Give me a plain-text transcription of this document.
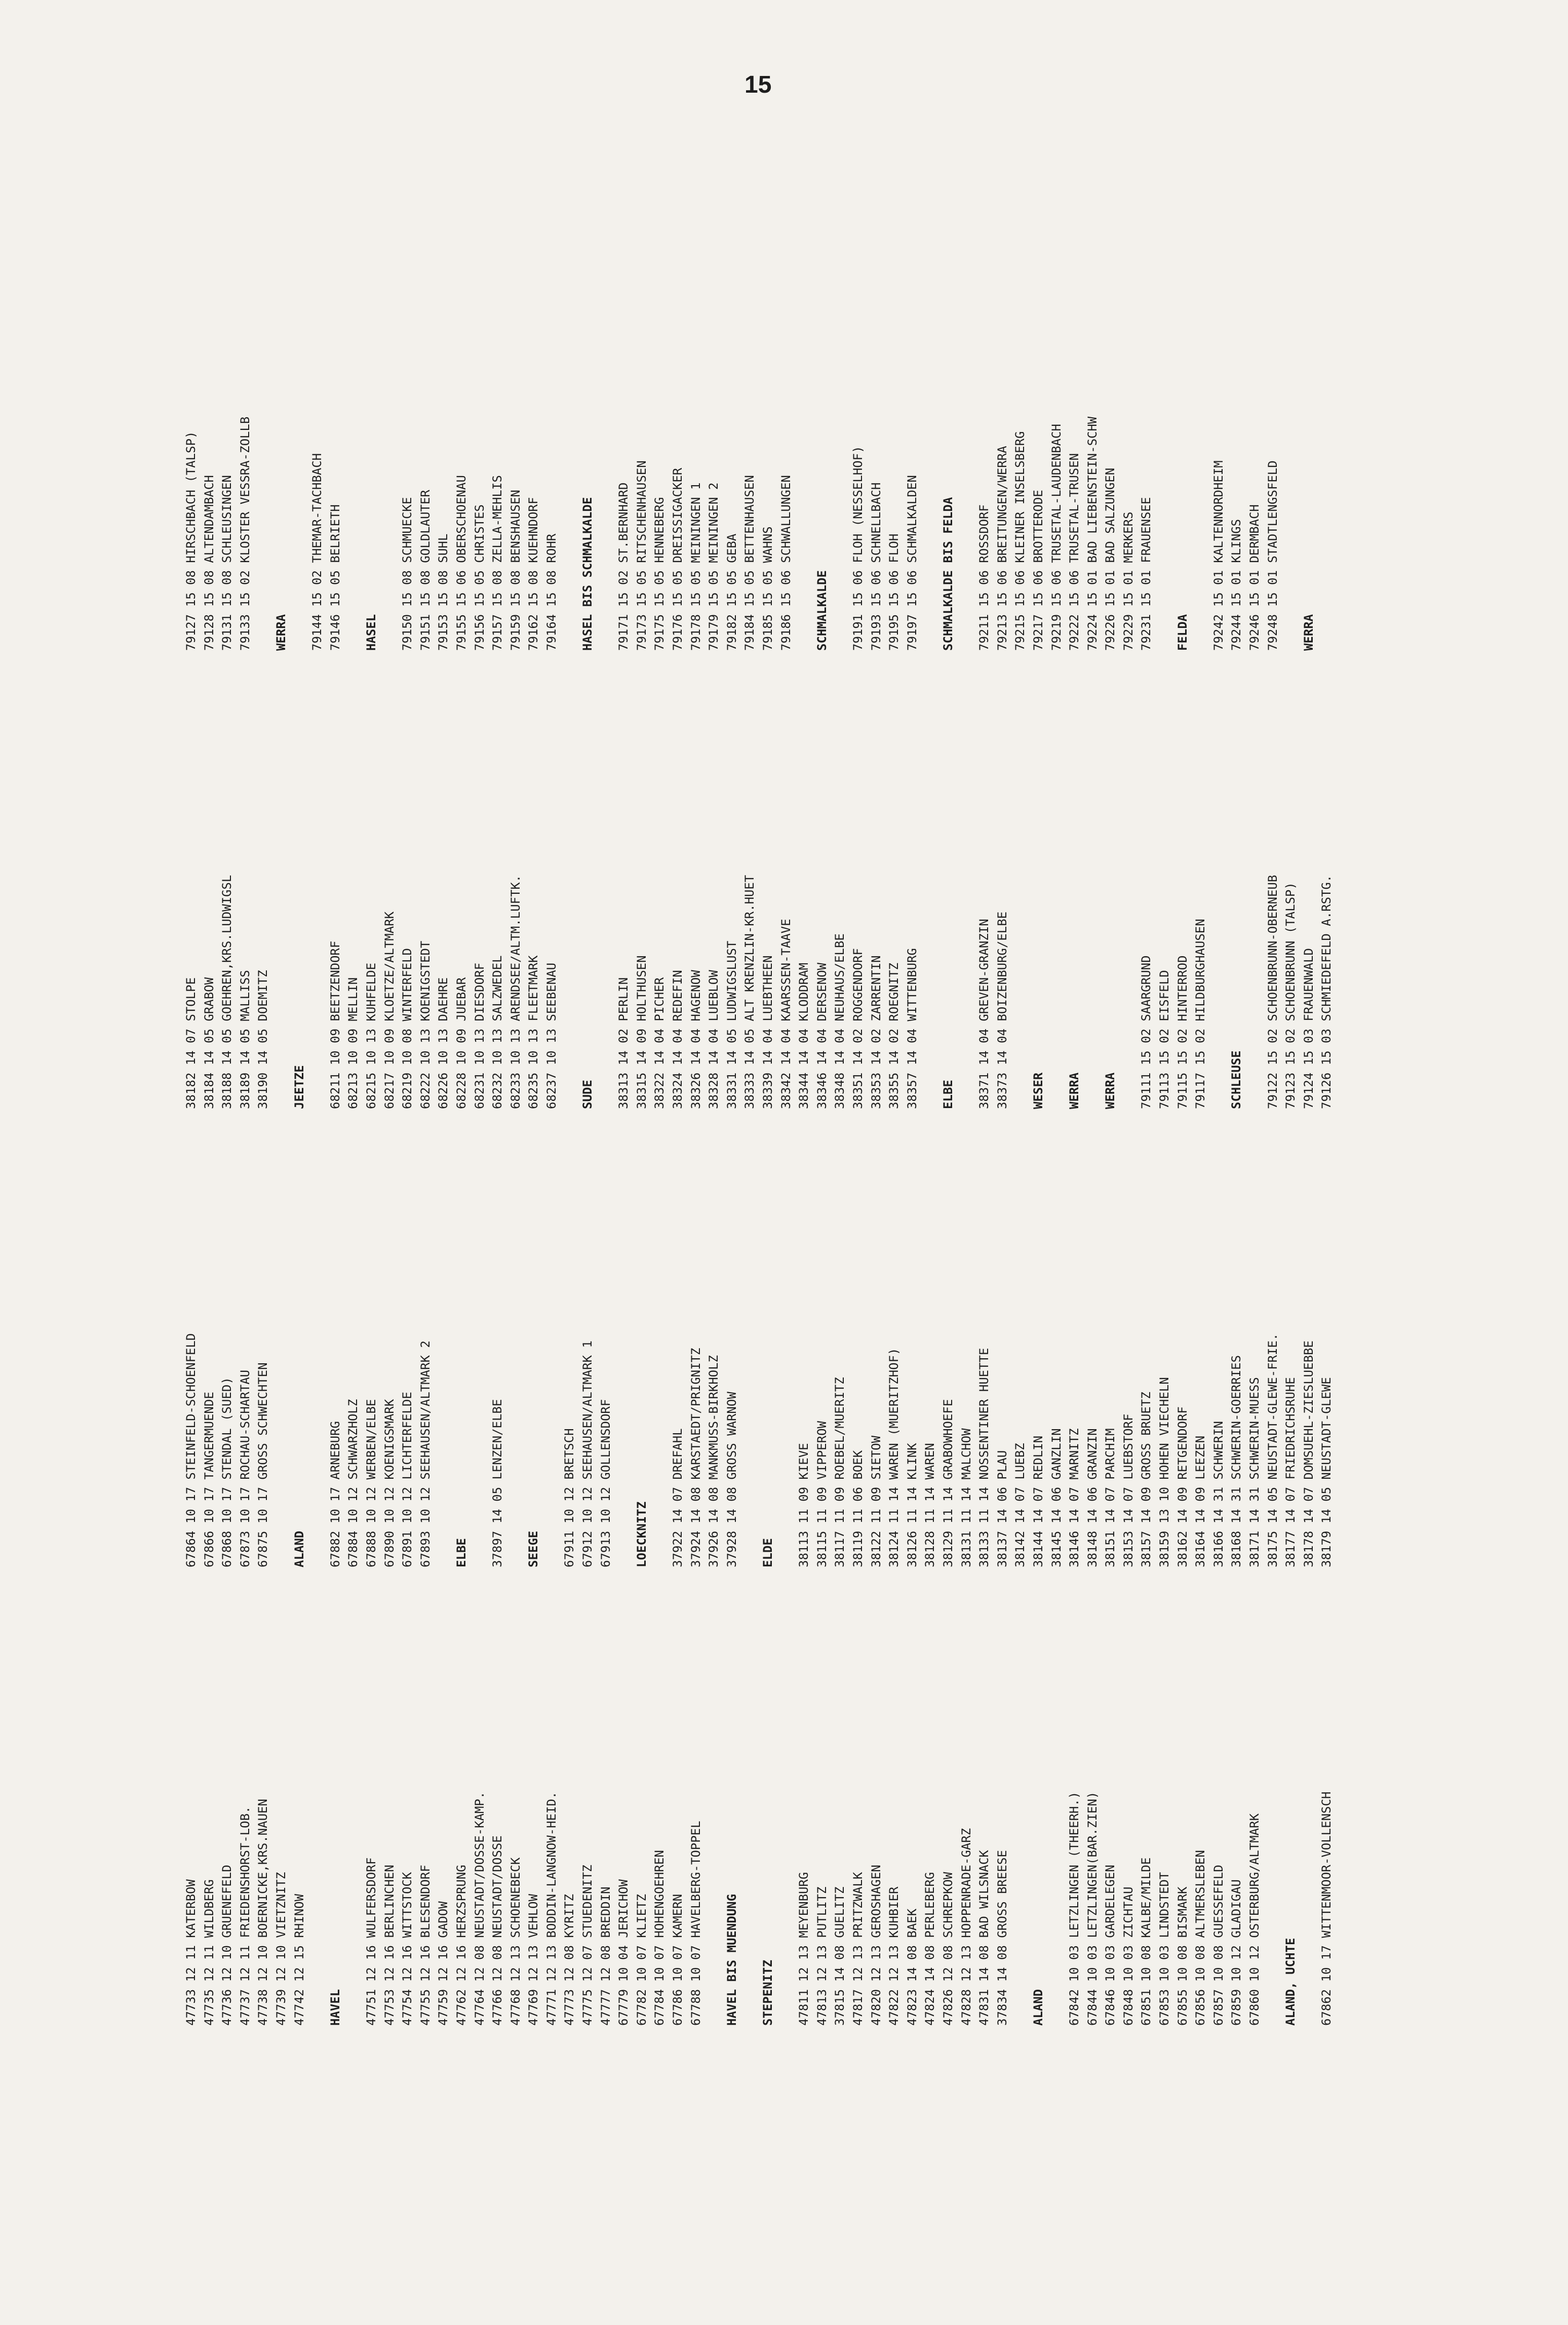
15
47733 12 11 KATERBOW 47735 12 11 WILDBERG 47736 12 10 GRUENEFELD 47737 12 11 FRIEDENSHORST-LOB. 47738 12 10 BOERNICKE,KRS.NAUEN 47739 12 10 VIETZNITZ 47742 12 15 RHINOW HAVEL 47751 12 16 WULFERSDORF 47753 12 16 BERLINCHEN 47754 12 16 WITTSTOCK 47755 12 16 BLESENDORF 47759 12 16 GADOW 47762 12 16 HERZSPRUNG 47764 12 08 NEUSTADT/DOSSE-KAMP. 47766 12 08 NEUSTADT/DOSSE 47768 12 13 SCHOENEBECK 47769 12 13 VEHLOW 47771 12 13 BODDIN-LANGNOW-HEID. 47773 12 08 KYRITZ 47775 12 07 STUEDENITZ 47777 12 08 BREDDIN 67779 10 04 JERICHOW 67782 10 07 KLIETZ 67784 10 07 HOHENGOEHREN 67786 10 07 KAMERN 67788 10 07 HAVELBERG-TOPPEL HAVEL BIS MUENDUNG STEPENITZ 47811 12 13 MEYENBURG 47813 12 13 PUTLITZ 37815 14 08 GUELITZ 47817 12 13 PRITZWALK 47820 12 13 GEROSHAGEN 47822 12 13 KUHBIER 47823 14 08 BAEK 47824 14 08 PERLEBERG 47826 12 08 SCHREPKOW 47828 12 13 HOPPENRADE-GARZ 47831 14 08 BAD WILSNACK 37834 14 08 GROSS BREESE ALAND 67842 10 03 LETZLINGEN (THEERH.) 67844 10 03 LETZLINGEN(BAR.ZIEN) 67846 10 03 GARDELEGEN 67848 10 03 ZICHTAU 67851 10 08 KALBE/MILDE 67853 10 03 LINDSTEDT 67855 10 08 BISMARK 67856 10 08 ALTMERSLEBEN 67857 10 08 GUESSEFELD 67859 10 12 GLADIGAU 67860 10 12 OSTERBURG/ALTMARK ALAND, UCHTE 67862 10 17 WITTENMOOR-VOLLENSCH
67864 10 17 STEINFELD-SCHOENFELD 67866 10 17 TANGERMUENDE 67868 10 17 STENDAL (SUED) 67873 10 17 ROCHAU-SCHARTAU 67875 10 17 GROSS SCHWECHTEN ALAND 67882 10 17 ARNEBURG 67884 10 12 SCHWARZHOLZ 67888 10 12 WERBEN/ELBE 67890 10 12 KOENIGSMARK 67891 10 12 LICHTERFELDE 67893 10 12 SEEHAUSEN/ALTMARK 2 ELBE 37897 14 05 LENZEN/ELBE SEEGE 67911 10 12 BRETSCH 67912 10 12 SEEHAUSEN/ALTMARK 1 67913 10 12 GOLLENSDORF LOECKNITZ 37922 14 07 DREFAHL 37924 14 08 KARSTAEDT/PRIGNITZ 37926 14 08 MANKMUSS-BIRKHOLZ 37928 14 08 GROSS WARNOW ELDE 38113 11 09 KIEVE 38115 11 09 VIPPEROW 38117 11 09 ROEBEL/MUERITZ 38119 11 06 BOEK 38122 11 09 SIETOW 38124 11 14 WAREN (MUERITZHOF) 38126 11 14 KLINK 38128 11 14 WAREN 38129 11 14 GRABOWHOEFE 38131 11 14 MALCHOW 38133 11 14 NOSSENTINER HUETTE 38137 14 06 PLAU 38142 14 07 LUEBZ 38144 14 07 REDLIN 38145 14 06 GANZLIN 38146 14 07 MARNITZ 38148 14 06 GRANZIN 38151 14 07 PARCHIM 38153 14 07 LUEBSTORF 38157 14 09 GROSS BRUETZ 38159 13 10 HOHEN VIECHELN 38162 14 09 RETGENDORF 38164 14 09 LEEZEN 38166 14 31 SCHWERIN 38168 14 31 SCHWERIN-GOERRIES 38171 14 31 SCHWERIN-MUESS 38175 14 05 NEUSTADT-GLEWE-FRIE. 38177 14 07 FRIEDRICHSRUHE 38178 14 07 DOMSUEHL-ZIESLUEBBE 38179 14 05 NEUSTADT-GLEWE
38182 14 07 STOLPE 38184 14 05 GRABOW 38188 14 05 GOEHREN,KRS.LUDWIGSL 38189 14 05 MALLISS 38190 14 05 DOEMITZ JEETZE 68211 10 09 BEETZENDORF 68213 10 09 MELLIN 68215 10 13 KUHFELDE 68217 10 09 KLOETZE/ALTMARK 68219 10 08 WINTERFELD 68222 10 13 KOENIGSTEDT 68226 10 13 DAEHRE 68228 10 09 JUEBAR 68231 10 13 DIESDORF 68232 10 13 SALZWEDEL 68233 10 13 ARENDSEE/ALTM.LUFTK. 68235 10 13 FLEETMARK 68237 10 13 SEEBENAU SUDE 38313 14 02 PERLIN 38315 14 09 HOLTHUSEN 38322 14 04 PICHER 38324 14 04 REDEFIN 38326 14 04 HAGENOW 38328 14 04 LUEBLOW 38331 14 05 LUDWIGSLUST 38333 14 05 ALT KRENZLIN-KR.HUET 38339 14 04 LUEBTHEEN 38342 14 04 KAARSSEN-TAAVE 38344 14 04 KLODDRAM 38346 14 04 DERSENOW 38348 14 04 NEUHAUS/ELBE 38351 14 02 ROGGENDORF 38353 14 02 ZARRENTIN 38355 14 02 ROEGNITZ 38357 14 04 WITTENBURG ELBE 38371 14 04 GREVEN-GRANZIN 38373 14 04 BOIZENBURG/ELBE WESER WERRA WERRA 79111 15 02 SAARGRUND 79113 15 02 EISFELD 79115 15 02 HINTERROD 79117 15 02 HILDBURGHAUSEN SCHLEUSE 79122 15 02 SCHOENBRUNN-OBERNEUB 79123 15 02 SCHOENBRUNN (TALSP) 79124 15 03 FRAUENWALD 79126 15 03 SCHMIEDEFELD A.RSTG.
79127 15 08 HIRSCHBACH (TALSP) 79128 15 08 ALTENDAMBACH 79131 15 08 SCHLEUSINGEN 79133 15 02 KLOSTER VESSRA-ZOLLB WERRA 79144 15 02 THEMAR-TACHBACH 79146 15 05 BELRIETH HASEL 79150 15 08 SCHMUECKE 79151 15 08 GOLDLAUTER 79153 15 08 SUHL 79155 15 06 OBERSCHOENAU 79156 15 05 CHRISTES 79157 15 08 ZELLA-MEHLIS 79159 15 08 BENSHAUSEN 79162 15 08 KUEHNDORF 79164 15 08 ROHR HASEL BIS SCHMALKALDE 79171 15 02 ST.BERNHARD 79173 15 05 RITSCHENHAUSEN 79175 15 05 HENNEBERG 79176 15 05 DREISSIGACKER 79178 15 05 MEININGEN 1 79179 15 05 MEININGEN 2 79182 15 05 GEBA 79184 15 05 BETTENHAUSEN 79185 15 05 WAHNS 79186 15 06 SCHWALLUNGEN SCHMALKALDE 79191 15 06 FLOH (NESSELHOF) 79193 15 06 SCHNELLBACH 79195 15 06 FLOH 79197 15 06 SCHMALKALDEN SCHMALKALDE BIS FELDA 79211 15 06 ROSSDORF 79213 15 06 BREITUNGEN/WERRA 79215 15 06 KLEINER INSELSBERG 79217 15 06 BROTTERODE 79219 15 06 TRUSETAL-LAUDENBACH 79222 15 06 TRUSETAL-TRUSEN 79224 15 01 BAD LIEBENSTEIN-SCHW 79226 15 01 BAD SALZUNGEN 79229 15 01 MERKERS 79231 15 01 FRAUENSEE FELDA 79242 15 01 KALTENNORDHEIM 79244 15 01 KLINGS 79246 15 01 DERMBACH 79248 15 01 STADTLENGSFELD WERRA
